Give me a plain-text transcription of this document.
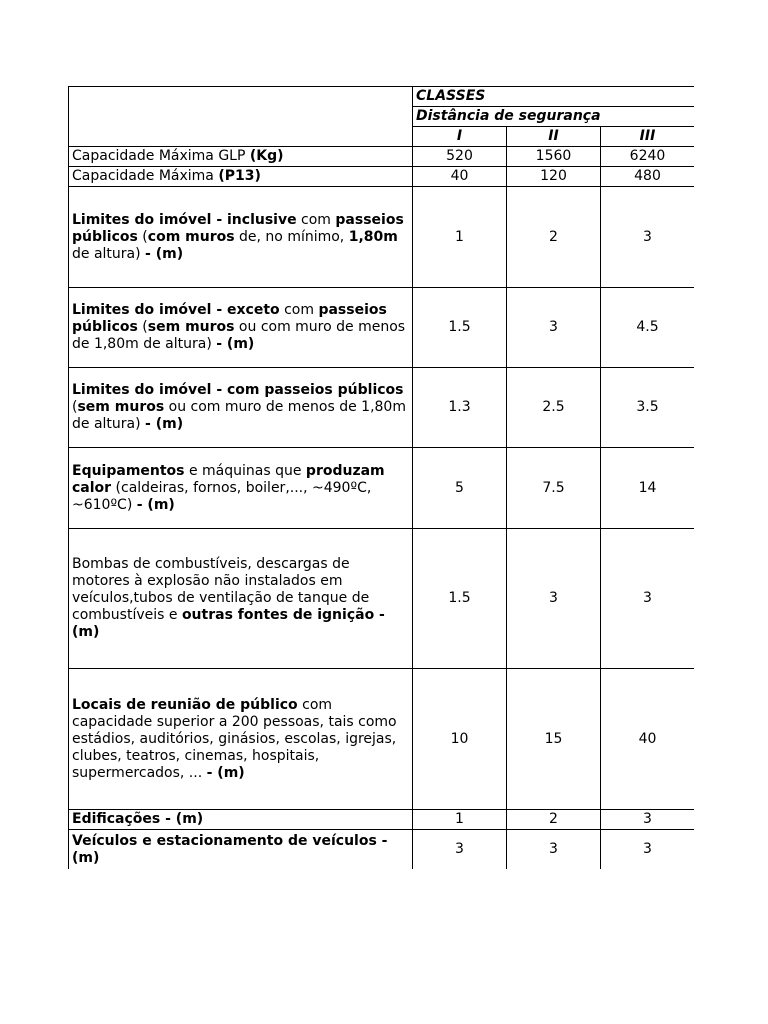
	CLASSES			
	Distância de segurança			
	I	II	III	
Capacidade Máxima GLP (Kg)	520	1560	6240	
Capacidade Máxima (P13)	40	120	480	
Limites do imóvel - inclusive com passeios públicos (com muros de, no mínimo, 1,80m de altura) - (m)	1	2	3	
Limites do imóvel - exceto com passeios públicos (sem muros ou com muro de menos de 1,80m de altura) - (m)	1.5	3	4.5	
Limites do imóvel - com passeios públicos (sem muros ou com muro de menos de 1,80m de altura) - (m)	1.3	2.5	3.5	
Equipamentos e máquinas que produzam calor (caldeiras, fornos, boiler,..., ~490ºC, ~610ºC) - (m)	5	7.5	14	
Bombas de combustíveis, descargas de motores à explosão não instalados em veículos,tubos de ventilação de tanque de combustíveis e outras fontes de ignição - (m)	1.5	3	3	
Locais de reunião de público com capacidade superior a 200 pessoas, tais como estádios, auditórios, ginásios, escolas, igrejas, clubes, teatros, cinemas, hospitais, supermercados, ... - (m)	10	15	40	
Edificações - (m)	1	2	3	
Veículos e estacionamento de veículos - (m)	3	3	3	
